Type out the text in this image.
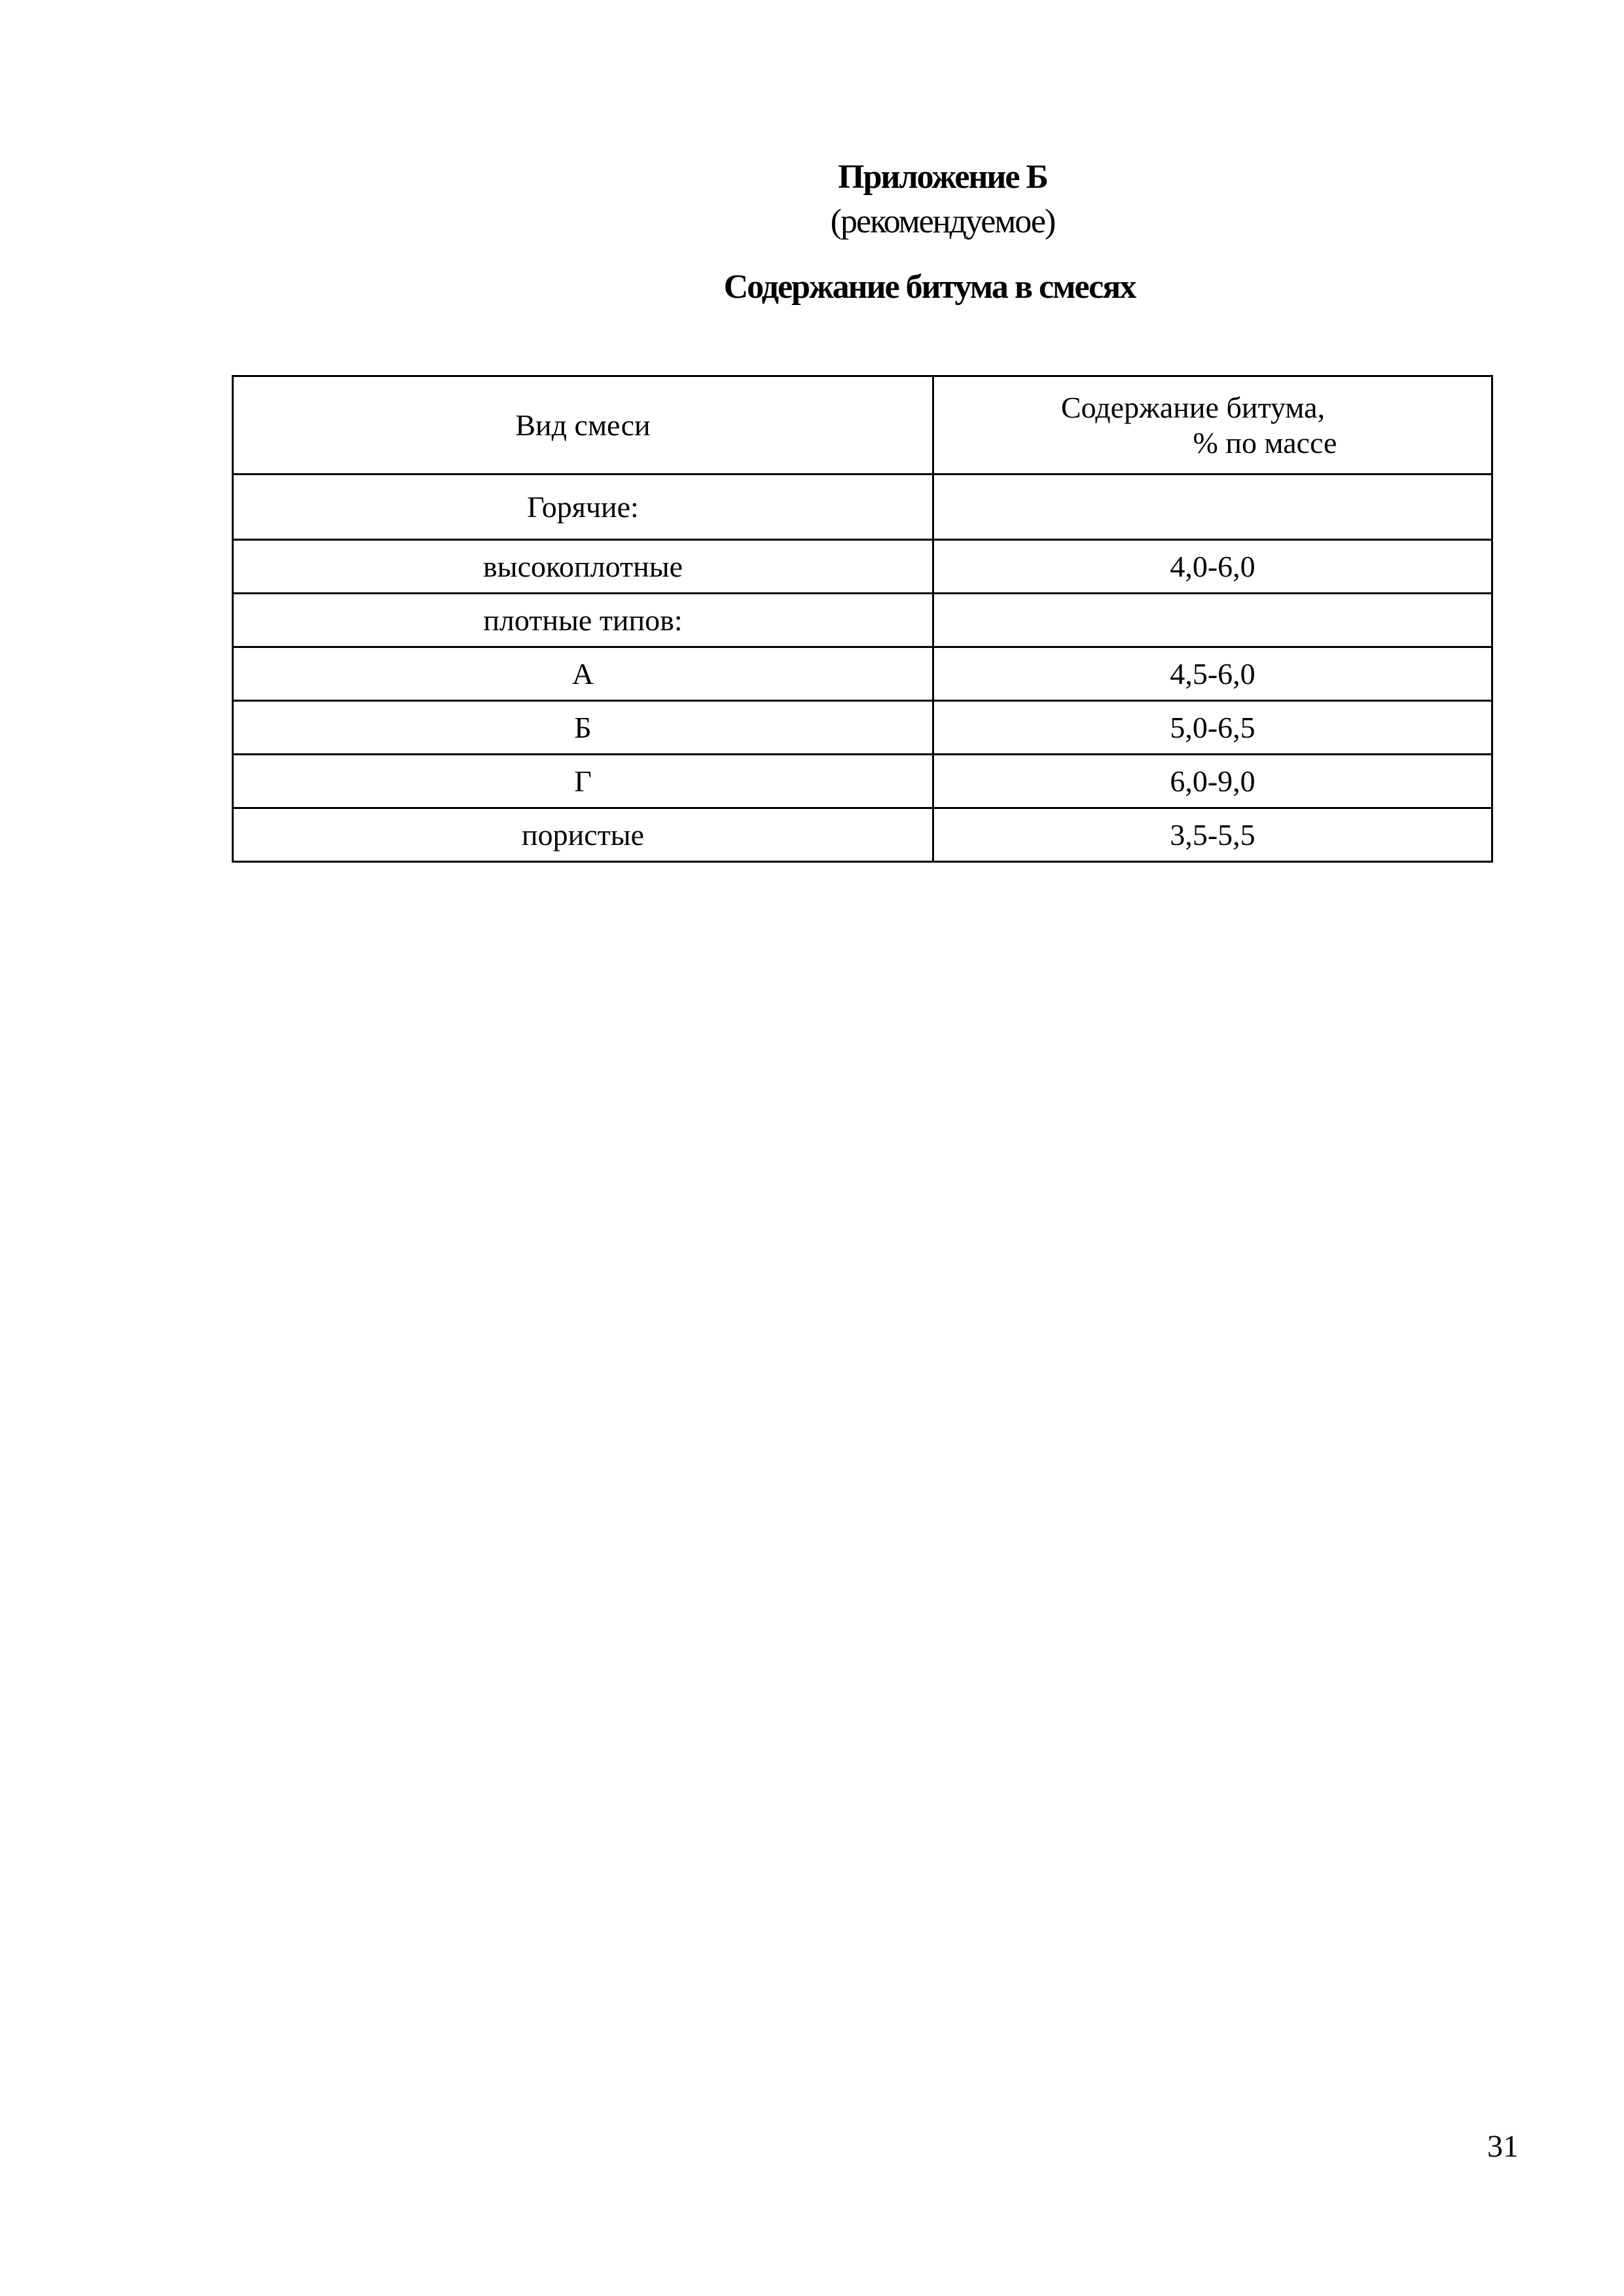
Приложение Б
(рекомендуемое)
Содержание битума в смесях
Вид смеси	Содержание битума,
% по массе

Горячие:	
высокоплотные	4,0-6,0
плотные типов:	
А	4,5-6,0
Б	5,0-6,5
Г	6,0-9,0
пористые	3,5-5,5
31
